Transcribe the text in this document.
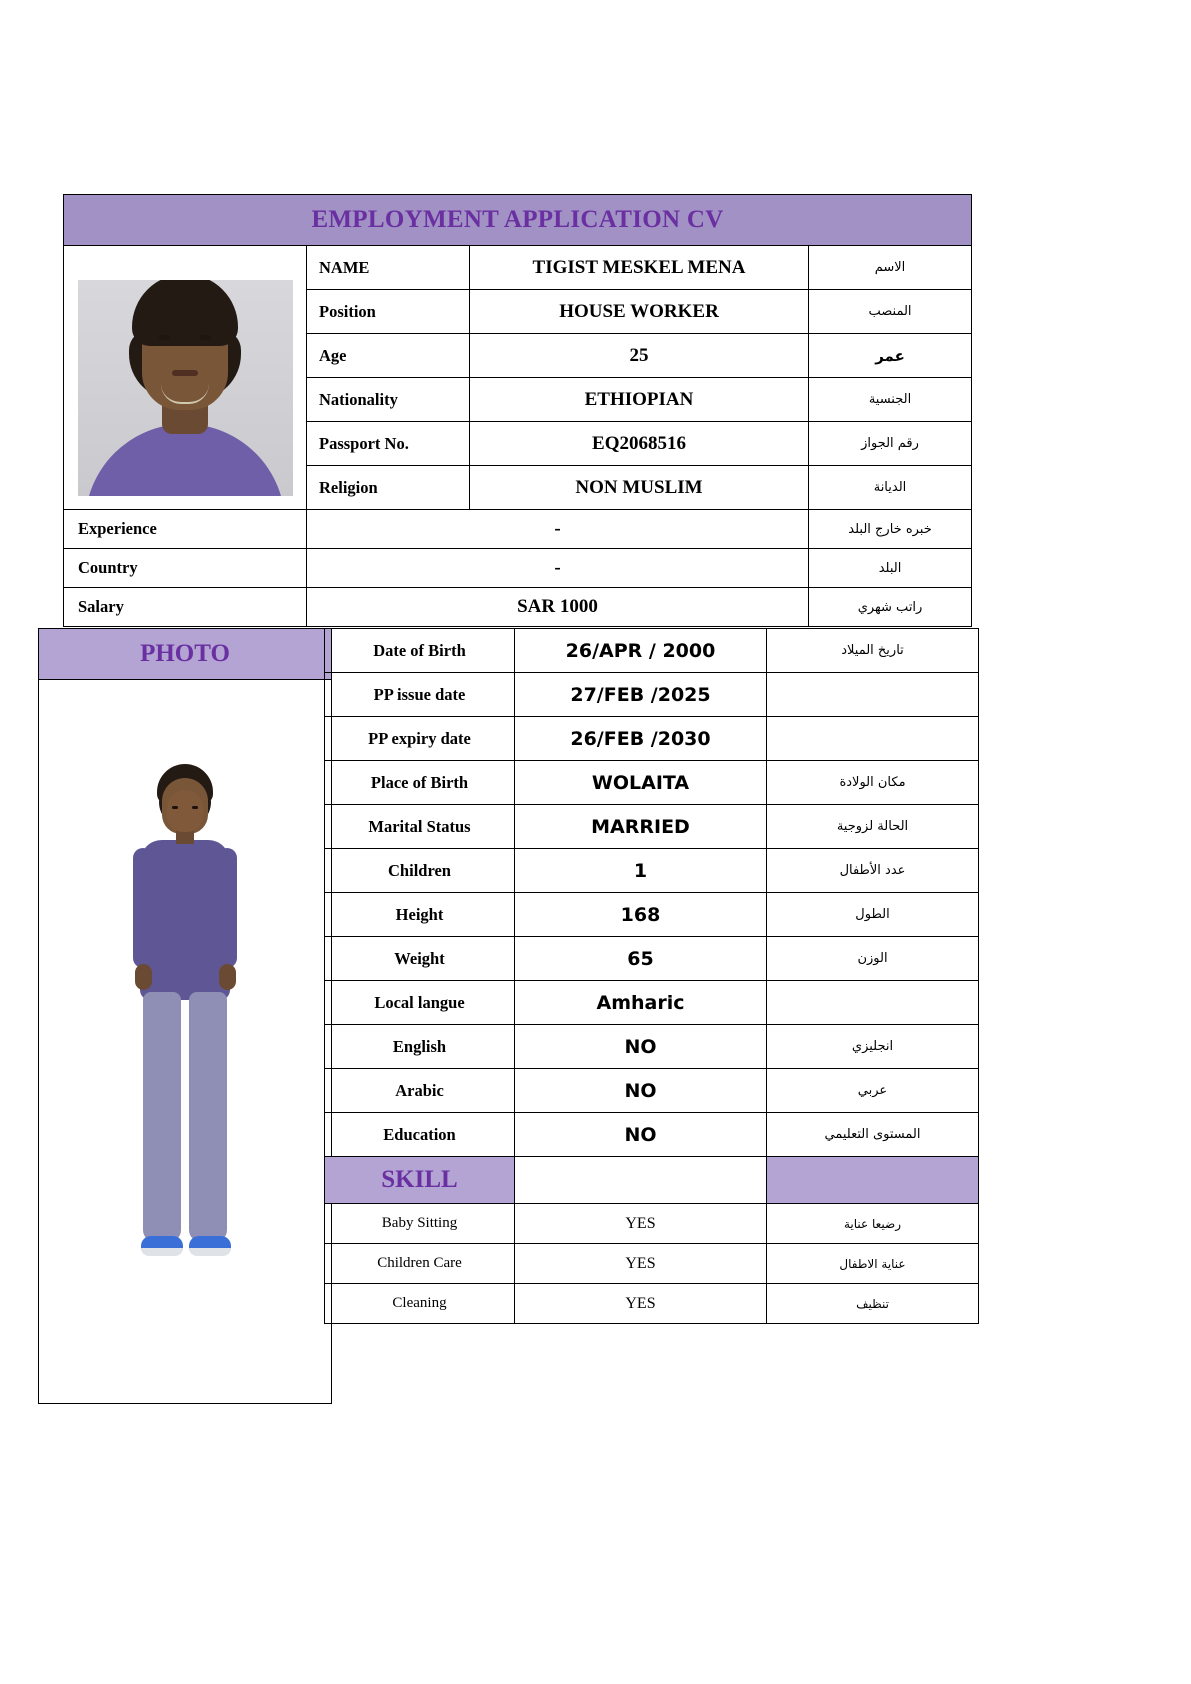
EMPLOYMENT APPLICATION CV			

	NAME	TIGIST MESKEL MENA	الاسم
	Position	HOUSE WORKER	المنصب
	Age	25	عمر
	Nationality	ETHIOPIAN	الجنسية
	Passport No.	EQ2068516	رقم الجواز
	Religion	NON MUSLIM	الديانة
Experience	-		خبره خارج البلد
Country	-		البلد
Salary	SAR 1000		راتب شهري
PHOTO	Date of Birth	26/APR / 2000	تاريخ الميلاد
PP issue date	27/FEB /2025	
PP expiry date	26/FEB /2030	
Place of Birth	WOLAITA	مكان الولادة
Marital Status	MARRIED	الحالة لزوجية
Children	1	عدد الأطفال
Height	168	الطول
Weight	65	الوزن
Local langue	Amharic	
English	NO	انجليزي
Arabic	NO	عربي
Education	NO	المستوى التعليمي
SKILL		
Baby Sitting	YES	رضيعا عناية
Children Care	YES	عناية الاطفال
Cleaning	YES	تنظيف
